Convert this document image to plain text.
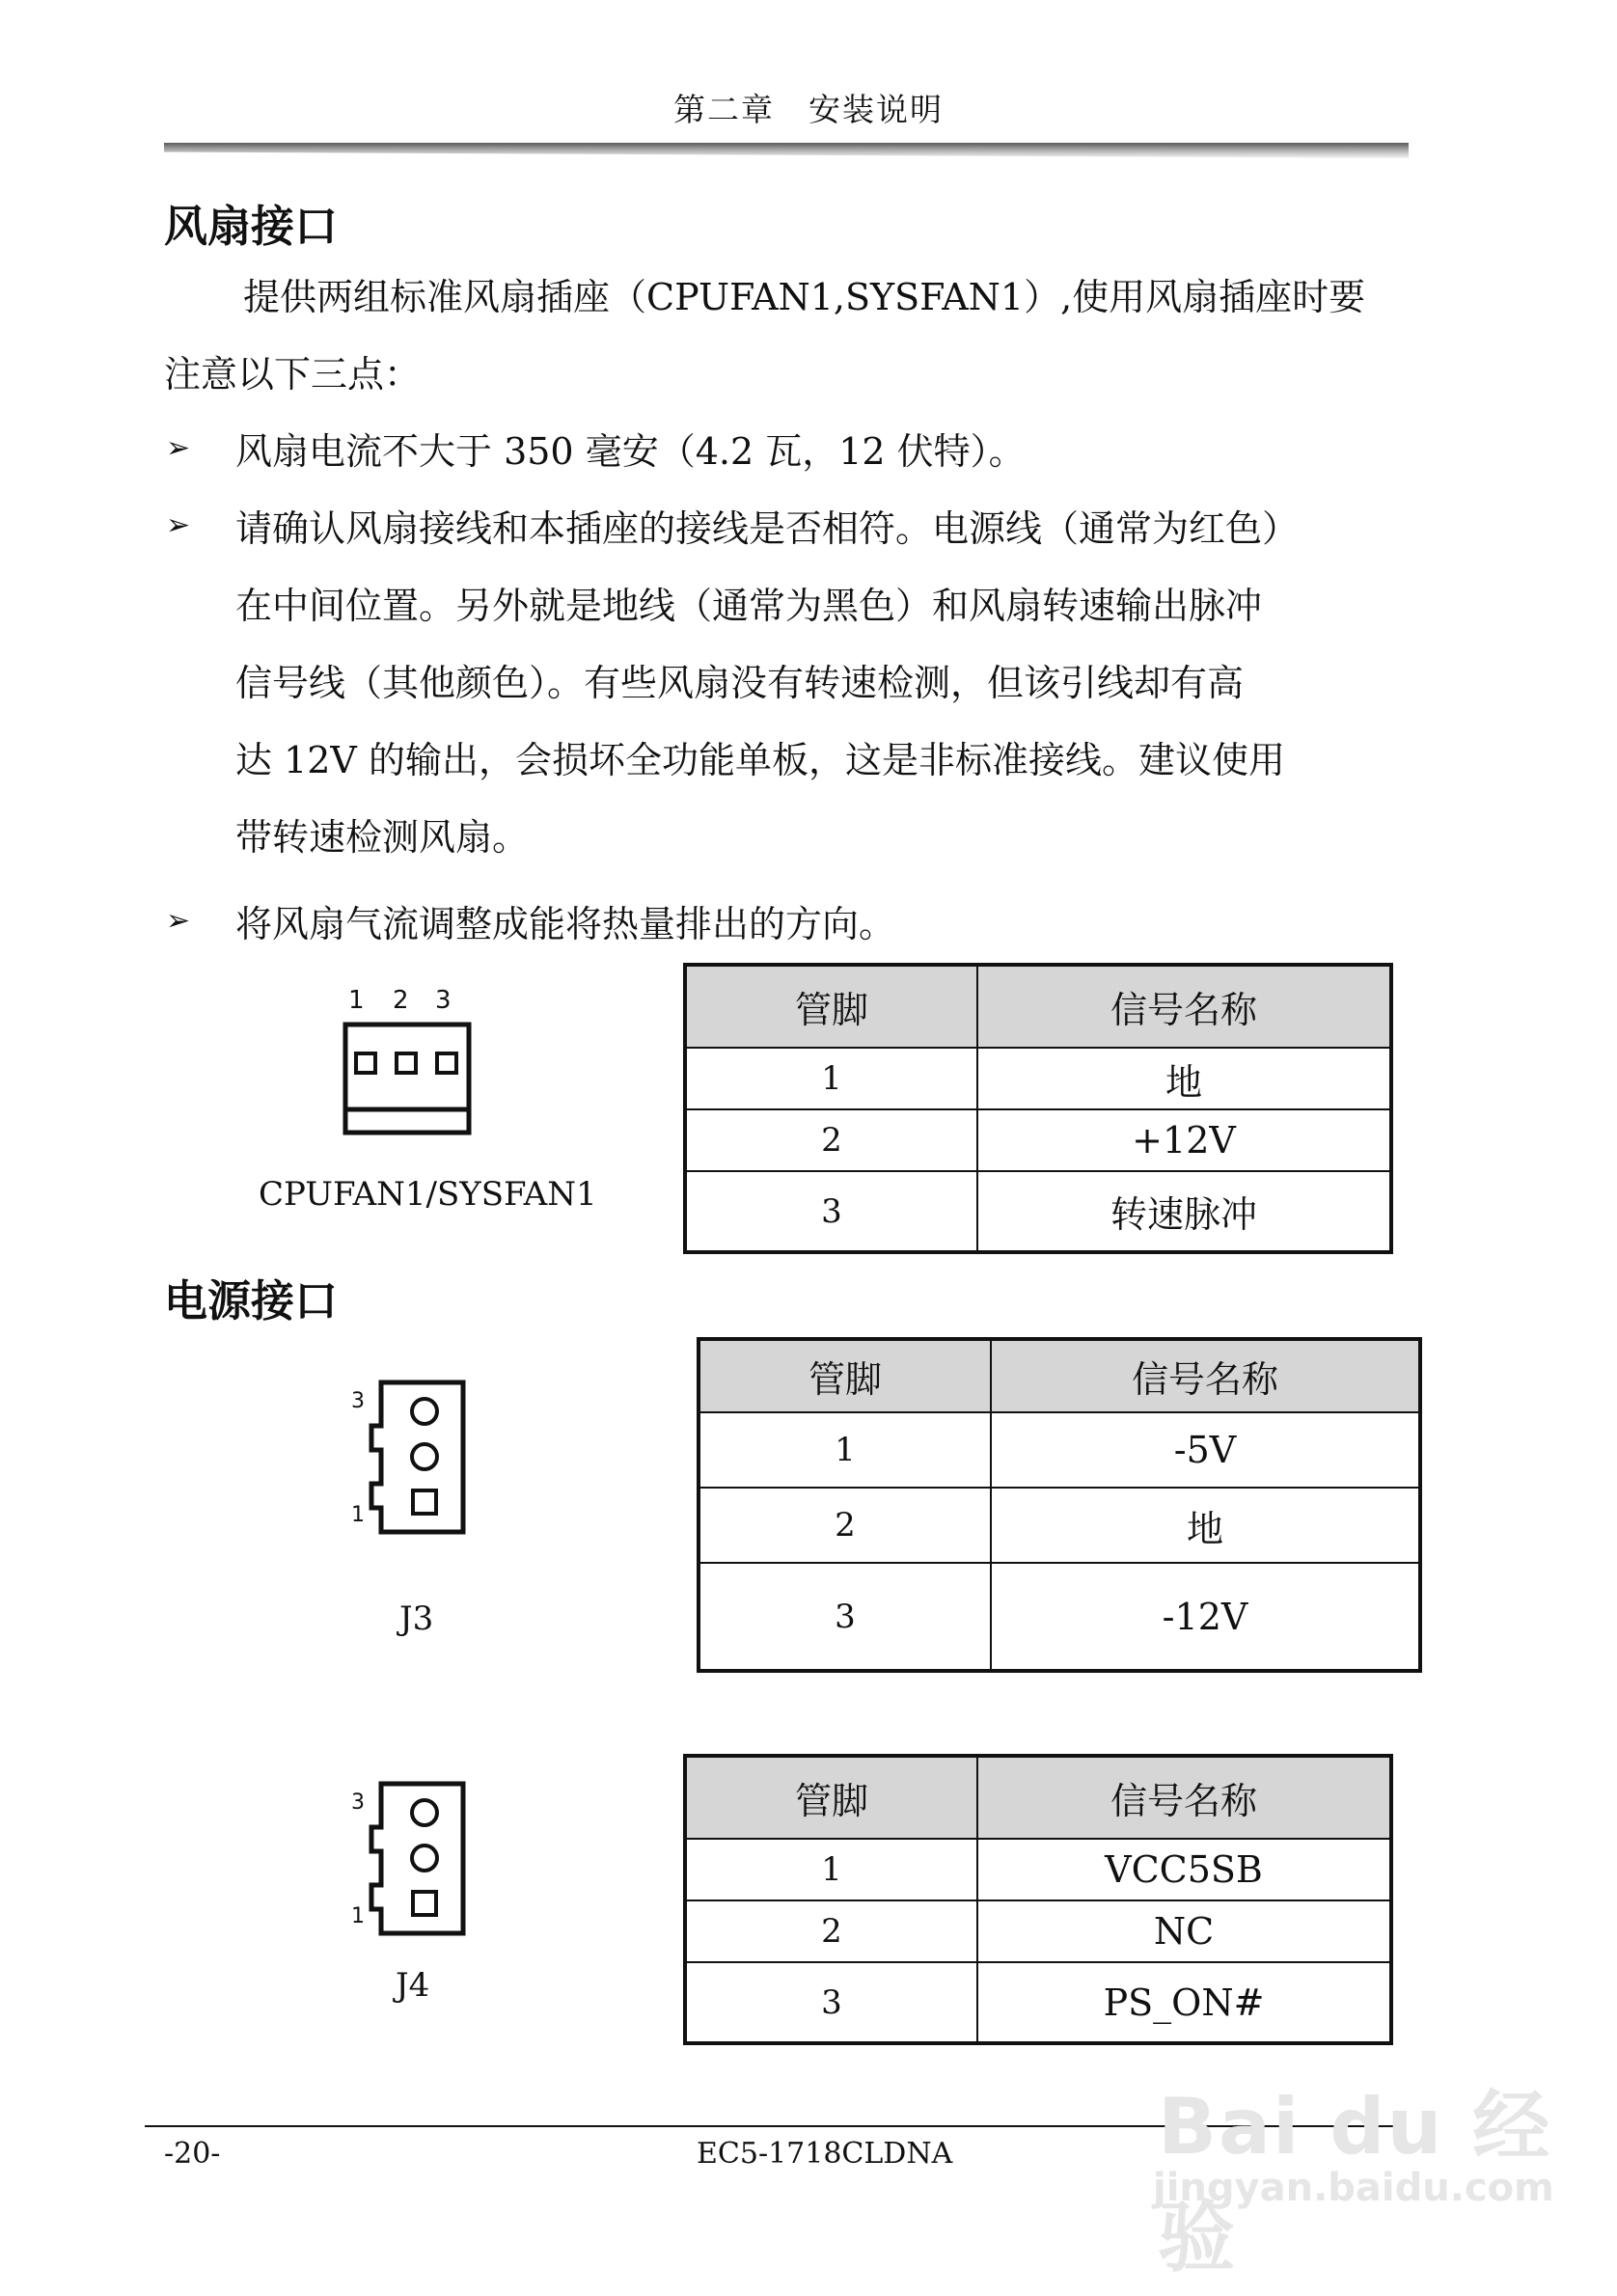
第二章　安装说明
风扇接口
提供两组标准风扇插座（CPUFAN1,SYSFAN1）,使用风扇插座时要
注意以下三点：
➢ 风扇电流不大于 350 毫安（4.2 瓦，12 伏特）。
➢ 请确认风扇接线和本插座的接线是否相符。电源线（通常为红色）
在中间位置。另外就是地线（通常为黑色）和风扇转速输出脉冲
信号线（其他颜色）。有些风扇没有转速检测，但该引线却有高
达 12V 的输出，会损坏全功能单板，这是非标准接线。建议使用
带转速检测风扇。
➢ 将风扇气流调整成能将热量排出的方向。
1 2 3
CPUFAN1/SYSFAN1
管脚	信号名称
1	地
2	+12V
3	转速脉冲
电源接口
3
1
J3
管脚	信号名称
1	-5V
2	地
3	-12V
3
1
J4
管脚	信号名称
1	VCC5SB
2	NC
3	PS_ON#
-20-	EC5-1718CLDNA	Bai du 经验
jingyan.baidu.com
